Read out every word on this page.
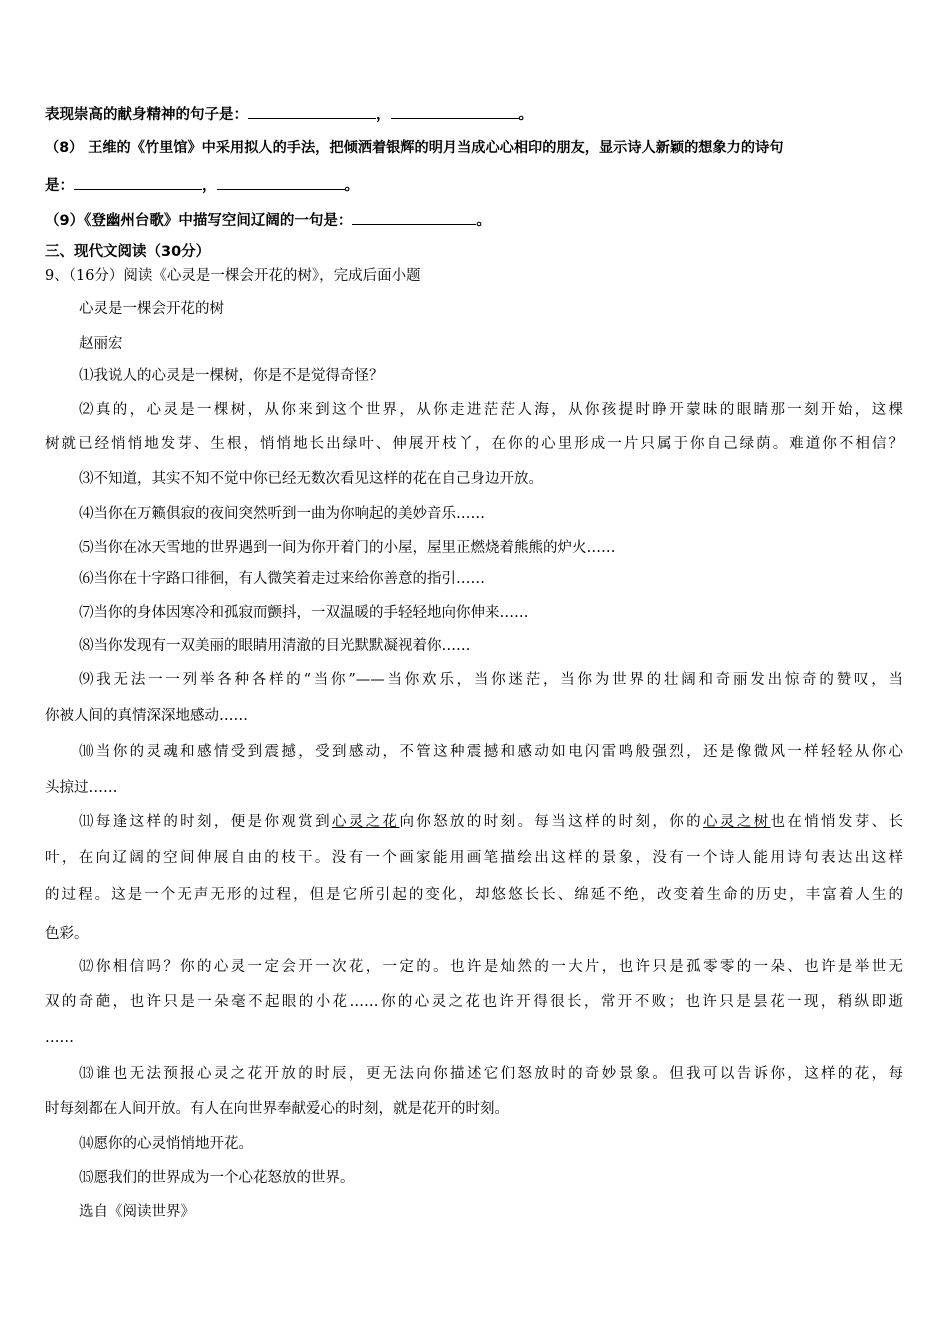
表现崇高的献身精神的句子是：	，	。
（8） 王维的《竹里馆》中采用拟人的手法，把倾洒着银辉的明月当成心心相印的朋友，显示诗人新颖的想象力的诗句
是：	，	。
（9）《登幽州台歌》中描写空间辽阔的一句是：	。
三、现代文阅读（30分）
9、（16分）阅读《心灵是一棵会开花的树》，完成后面小题
心灵是一棵会开花的树
赵丽宏
⑴我说人的心灵是一棵树，你是不是觉得奇怪？
⑵真的，心灵是一棵树，从你来到这个世界，从你走进茫茫人海，从你孩提时睁开蒙昧的眼睛那一刻开始，这棵
树就已经悄悄地发芽、生根，悄悄地长出绿叶、伸展开枝丫，在你的心里形成一片只属于你自己绿荫。难道你不相信？
⑶不知道，其实不知不觉中你已经无数次看见这样的花在自己身边开放。
⑷当你在万籁俱寂的夜间突然听到一曲为你响起的美妙音乐……
⑸当你在冰天雪地的世界遇到一间为你开着门的小屋，屋里正燃烧着熊熊的炉火……
⑹当你在十字路口徘徊，有人微笑着走过来给你善意的指引……
⑺当你的身体因寒冷和孤寂而颤抖，一双温暖的手轻轻地向你伸来……
⑻当你发现有一双美丽的眼睛用清澈的目光默默凝视着你……
⑼我无法一一列举各种各样的“当你”——当你欢乐，当你迷茫，当你为世界的壮阔和奇丽发出惊奇的赞叹，当
你被人间的真情深深地感动……
⑽当你的灵魂和感情受到震撼，受到感动，不管这种震撼和感动如电闪雷鸣般强烈，还是像微风一样轻轻从你心
头掠过……
⑾每逢这样的时刻，便是你观赏到心灵之花向你怒放的时刻。每当这样的时刻，你的心灵之树也在悄悄发芽、长
叶，在向辽阔的空间伸展自由的枝干。没有一个画家能用画笔描绘出这样的景象，没有一个诗人能用诗句表达出这样
的过程。这是一个无声无形的过程，但是它所引起的变化，却悠悠长长、绵延不绝，改变着生命的历史，丰富着人生的
色彩。
⑿你相信吗？你的心灵一定会开一次花，一定的。也许是灿然的一大片，也许只是孤零零的一朵、也许是举世无
双的奇葩，也许只是一朵毫不起眼的小花……你的心灵之花也许开得很长，常开不败；也许只是昙花一现，稍纵即逝
……
⒀谁也无法预报心灵之花开放的时辰，更无法向你描述它们怒放时的奇妙景象。但我可以告诉你，这样的花，每
时每刻都在人间开放。有人在向世界奉献爱心的时刻，就是花开的时刻。
⒁愿你的心灵悄悄地开花。
⒂愿我们的世界成为一个心花怒放的世界。
选自《阅读世界》
